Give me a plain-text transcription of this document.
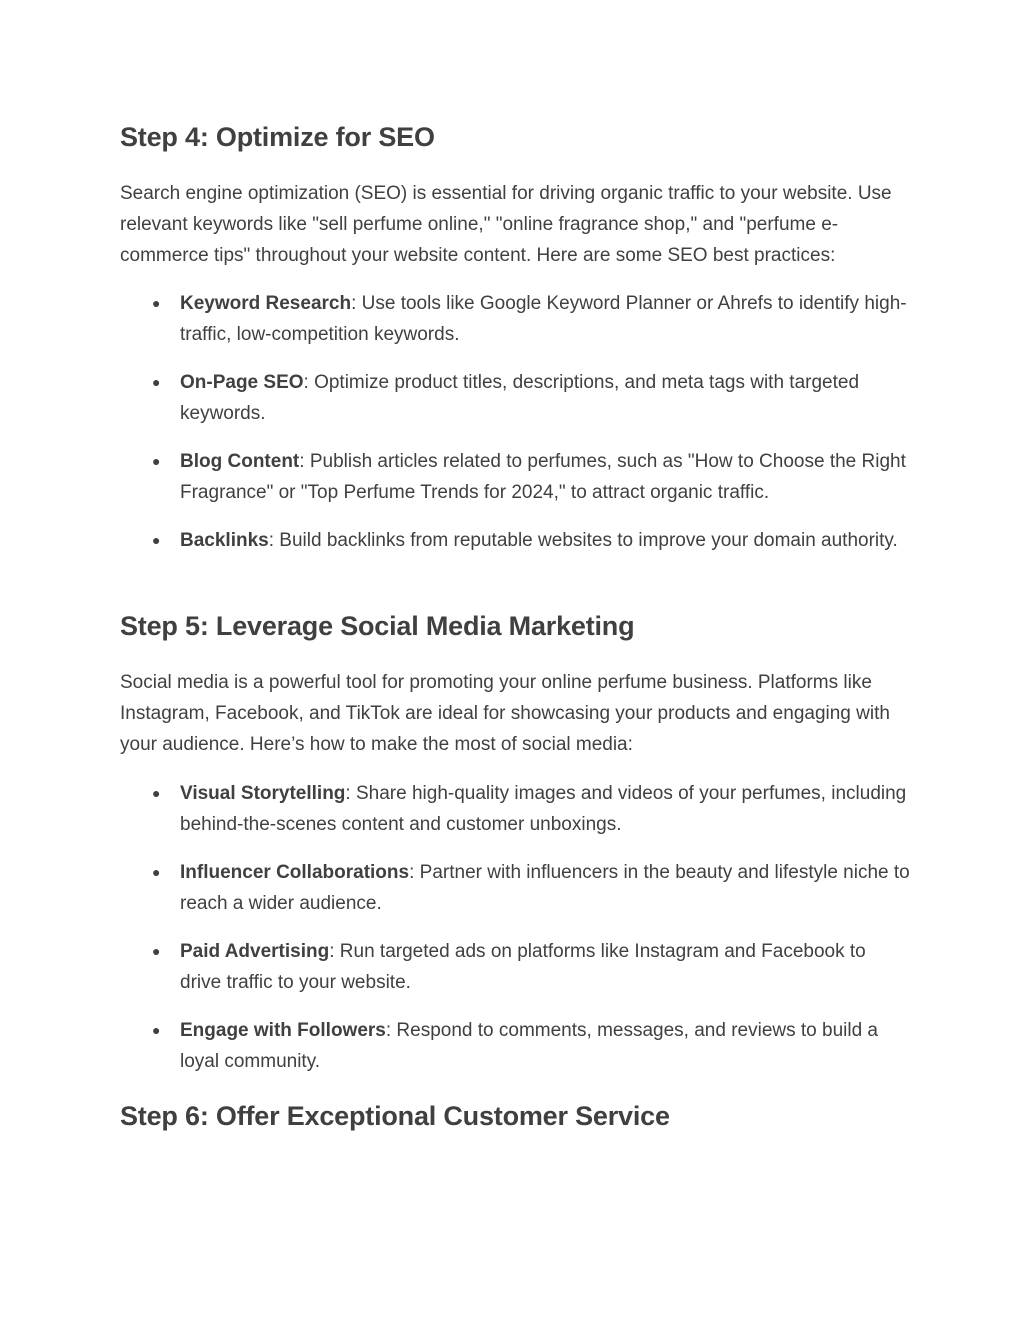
Step 4: Optimize for SEO

Search engine optimization (SEO) is essential for driving organic traffic to your website. Use relevant keywords like "sell perfume online," "online fragrance shop," and "perfume e-commerce tips" throughout your website content. Here are some SEO best practices:

● Keyword Research: Use tools like Google Keyword Planner or Ahrefs to identify high-traffic, low-competition keywords.
● On-Page SEO: Optimize product titles, descriptions, and meta tags with targeted keywords.
● Blog Content: Publish articles related to perfumes, such as "How to Choose the Right Fragrance" or "Top Perfume Trends for 2024," to attract organic traffic.
● Backlinks: Build backlinks from reputable websites to improve your domain authority.
Step 5: Leverage Social Media Marketing

Social media is a powerful tool for promoting your online perfume business. Platforms like Instagram, Facebook, and TikTok are ideal for showcasing your products and engaging with your audience. Here’s how to make the most of social media:

● Visual Storytelling: Share high-quality images and videos of your perfumes, including behind-the-scenes content and customer unboxings.
● Influencer Collaborations: Partner with influencers in the beauty and lifestyle niche to reach a wider audience.
● Paid Advertising: Run targeted ads on platforms like Instagram and Facebook to drive traffic to your website.
● Engage with Followers: Respond to comments, messages, and reviews to build a loyal community.
Step 6: Offer Exceptional Customer Service
